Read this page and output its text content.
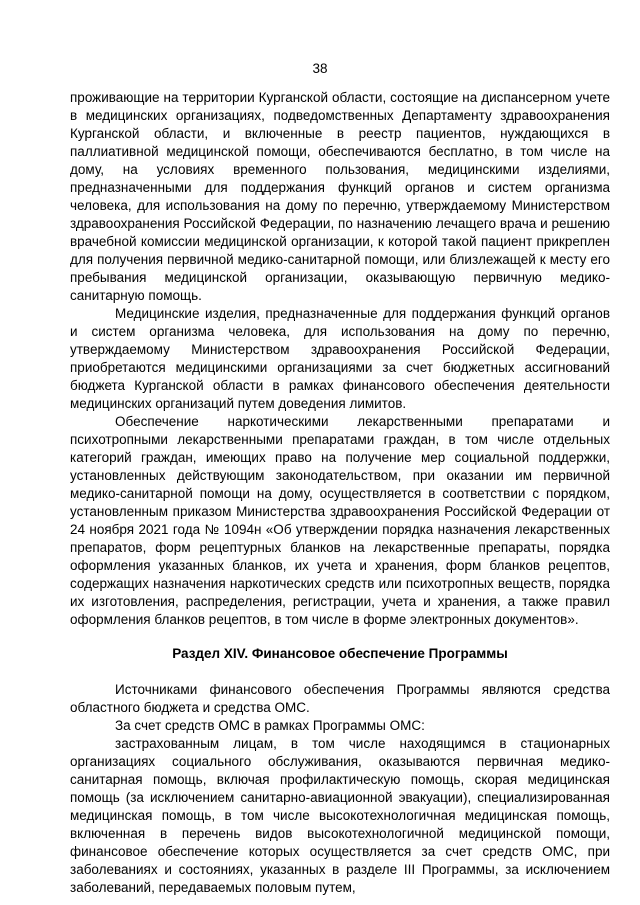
38

проживающие на территории Курганской области, состоящие на диспансерном учете в медицинских организациях, подведомственных Департаменту здравоохранения Курганской области, и включенные в реестр пациентов, нуждающихся в паллиативной медицинской помощи, обеспечиваются бесплатно, в том числе на дому, на условиях временного пользования, медицинскими изделиями, предназначенными для поддержания функций органов и систем организма человека, для использования на дому по перечню, утверждаемому Министерством здравоохранения Российской Федерации, по назначению лечащего врача и решению врачебной комиссии медицинской организации, к которой такой пациент прикреплен для получения первичной медико-санитарной помощи, или близлежащей к месту его пребывания медицинской организации, оказывающую первичную медико-санитарную помощь.

Медицинские изделия, предназначенные для поддержания функций органов и систем организма человека, для использования на дому по перечню, утверждаемому Министерством здравоохранения Российской Федерации, приобретаются медицинскими организациями за счет бюджетных ассигнований бюджета Курганской области в рамках финансового обеспечения деятельности медицинских организаций путем доведения лимитов.

Обеспечение наркотическими лекарственными препаратами и психотропными лекарственными препаратами граждан, в том числе отдельных категорий граждан, имеющих право на получение мер социальной поддержки, установленных действующим законодательством, при оказании им первичной медико-санитарной помощи на дому, осуществляется в соответствии с порядком, установленным приказом Министерства здравоохранения Российской Федерации от 24 ноября 2021 года № 1094н «Об утверждении порядка назначения лекарственных препаратов, форм рецептурных бланков на лекарственные препараты, порядка оформления указанных бланков, их учета и хранения, форм бланков рецептов, содержащих назначения наркотических средств или психотропных веществ, порядка их изготовления, распределения, регистрации, учета и хранения, а также правил оформления бланков рецептов, в том числе в форме электронных документов».

Раздел XIV. Финансовое обеспечение Программы

Источниками финансового обеспечения Программы являются средства областного бюджета и средства ОМС.

За счет средств ОМС в рамках Программы ОМС:

застрахованным лицам, в том числе находящимся в стационарных организациях социального обслуживания, оказываются первичная медико-санитарная помощь, включая профилактическую помощь, скорая медицинская помощь (за исключением санитарно-авиационной эвакуации), специализированная медицинская помощь, в том числе высокотехнологичная медицинская помощь, включенная в перечень видов высокотехнологичной медицинской помощи, финансовое обеспечение которых осуществляется за счет средств ОМС, при заболеваниях и состояниях, указанных в разделе III Программы, за исключением заболеваний, передаваемых половым путем,
